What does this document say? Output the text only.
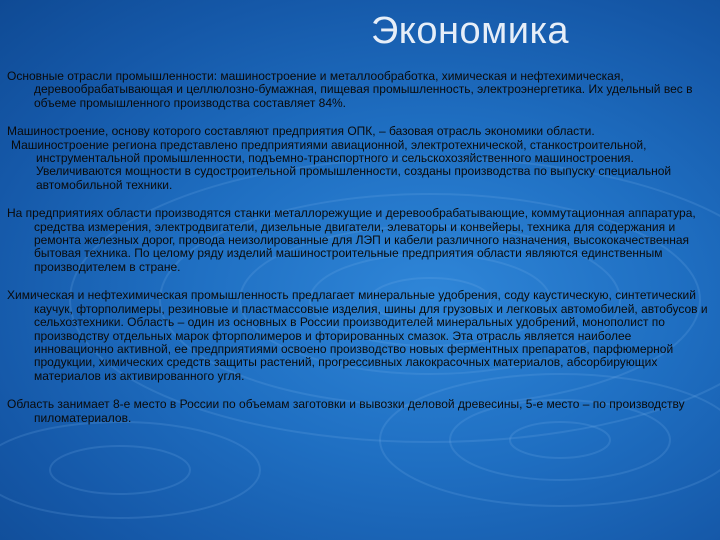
Экономика

Основные отрасли промышленности: машиностроение и металлообработка, химическая и нефтехимическая, деревообрабатывающая и целлюлозно-бумажная, пищевая промышленность, электроэнергетика. Их удельный вес в объеме промышленного производства составляет 84%.

Машиностроение, основу которого составляют предприятия ОПК, – базовая отрасль экономики области.

Машиностроение региона представлено предприятиями авиационной, электротехнической, станкостроительной, инструментальной промышленности, подъемно-транспортного и сельскохозяйственного машиностроения. Увеличиваются мощности в судостроительной промышленности, созданы производства по выпуску специальной автомобильной техники.

На предприятиях области производятся станки металлорежущие и деревообрабатывающие, коммутационная аппаратура, средства измерения, электродвигатели, дизельные двигатели, элеваторы и конвейеры, техника для содержания и ремонта железных дорог, провода неизолированные для ЛЭП и кабели различного назначения, высококачественная бытовая техника. По целому ряду изделий машиностроительные предприятия области являются единственным производителем в стране.

Химическая и нефтехимическая промышленность предлагает минеральные удобрения, соду каустическую, синтетический каучук, фторполимеры, резиновые и пластмассовые изделия, шины для грузовых и легковых автомобилей, автобусов и сельхозтехники. Область – один из основных в России производителей минеральных удобрений, монополист по производству отдельных марок фторполимеров и фторированных смазок. Эта отрасль является наиболее инновационно активной, ее предприятиями освоено производство новых ферментных препаратов, парфюмерной продукции, химических средств защиты растений, прогрессивных лакокрасочных материалов, абсорбирующих материалов из активированного угля.

Область занимает 8-е место в России по объемам заготовки и вывозки деловой древесины, 5-е место – по производству пиломатериалов.
